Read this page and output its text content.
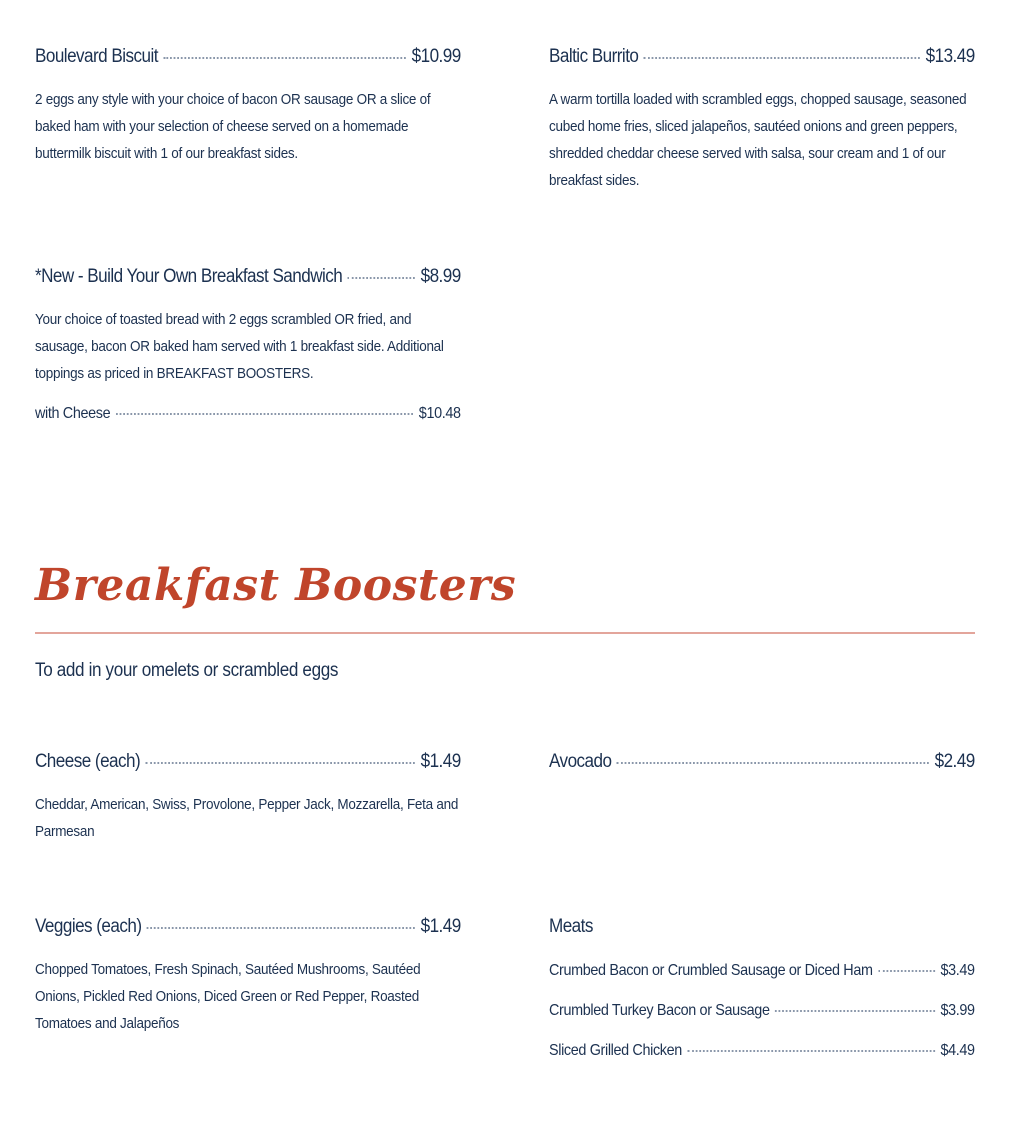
Boulevard Biscuit	$10.99
2 eggs any style with your choice of bacon OR sausage OR a slice of baked ham with your selection of cheese served on a homemade buttermilk biscuit with 1 of our breakfast sides.
Baltic Burrito	$13.49
A warm tortilla loaded with scrambled eggs, chopped sausage, seasoned cubed home fries, sliced jalapeños, sautéed onions and green peppers, shredded cheddar cheese served with salsa, sour cream and 1 of our breakfast sides.
*New - Build Your Own Breakfast Sandwich	$8.99
Your choice of toasted bread with 2 eggs scrambled OR fried, and sausage, bacon OR baked ham served with 1 breakfast side. Additional toppings as priced in BREAKFAST BOOSTERS.
with Cheese	$10.48
Breakfast Boosters
To add in your omelets or scrambled eggs
Cheese (each)	$1.49
Cheddar, American, Swiss, Provolone, Pepper Jack, Mozzarella, Feta and Parmesan
Avocado	$2.49
Veggies (each)	$1.49
Chopped Tomatoes, Fresh Spinach, Sautéed Mushrooms, Sautéed Onions, Pickled Red Onions, Diced Green or Red Pepper, Roasted Tomatoes and Jalapeños
Meats
Crumbed Bacon or Crumbled Sausage or Diced Ham	$3.49
Crumbled Turkey Bacon or Sausage	$3.99
Sliced Grilled Chicken	$4.49
